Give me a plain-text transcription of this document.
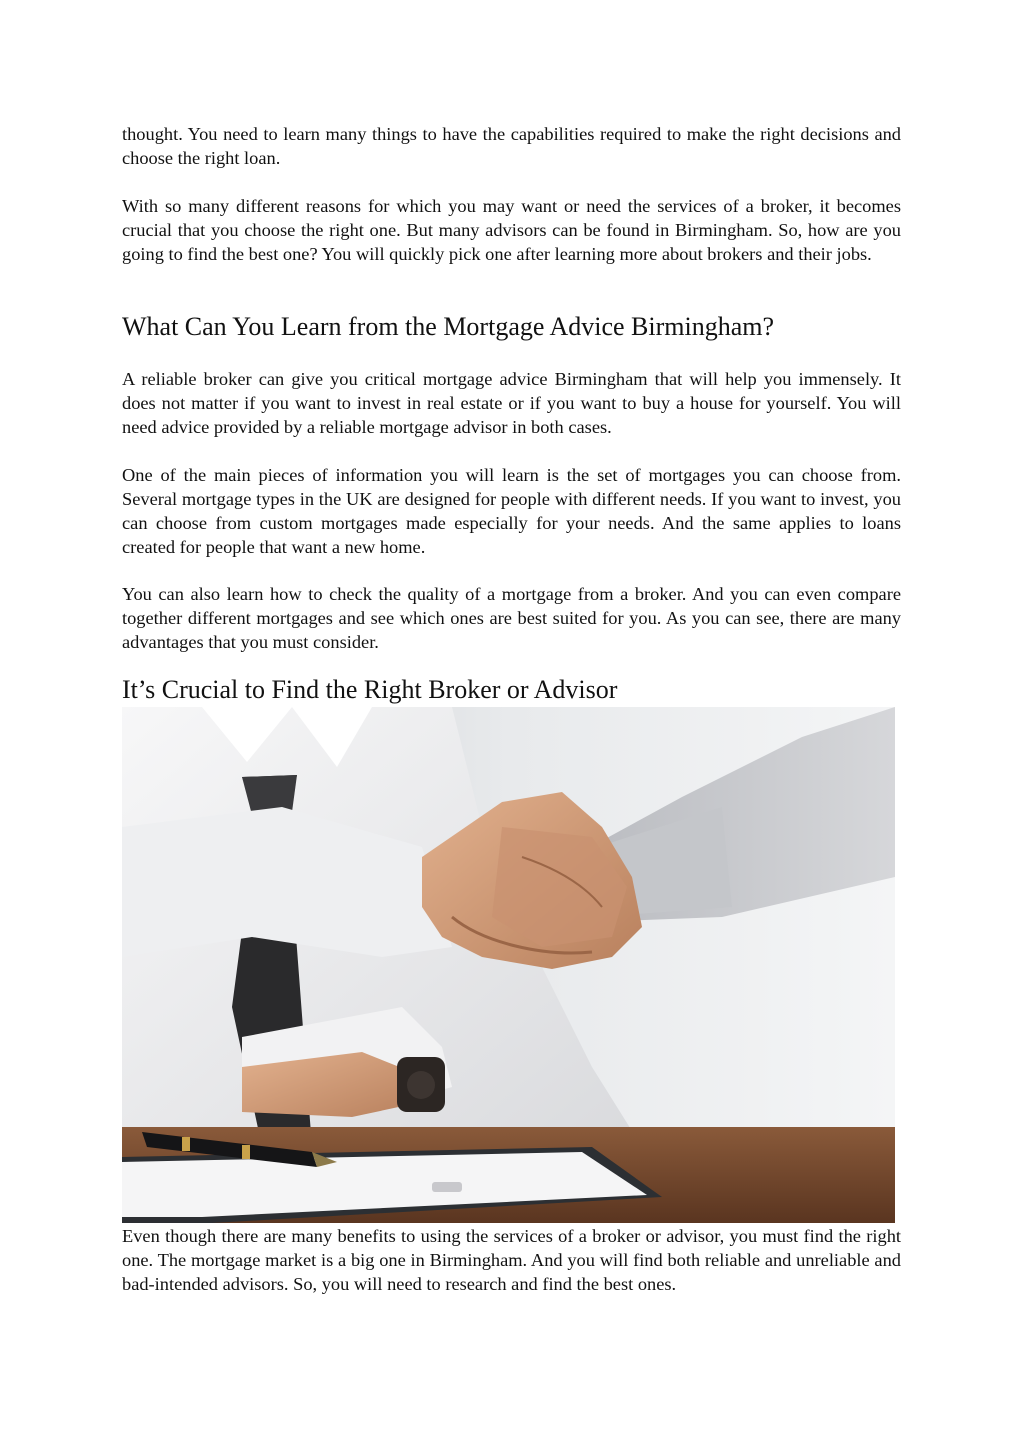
thought. You need to learn many things to have the capabilities required to make the right decisions and choose the right loan.

With so many different reasons for which you may want or need the services of a broker, it becomes crucial that you choose the right one. But many advisors can be found in Birmingham. So, how are you going to find the best one? You will quickly pick one after learning more about brokers and their jobs.

What Can You Learn from the Mortgage Advice Birmingham?

A reliable broker can give you critical mortgage advice Birmingham that will help you immensely. It does not matter if you want to invest in real estate or if you want to buy a house for yourself. You will need advice provided by a reliable mortgage advisor in both cases.

One of the main pieces of information you will learn is the set of mortgages you can choose from. Several mortgage types in the UK are designed for people with different needs. If you want to invest, you can choose from custom mortgages made especially for your needs. And the same applies to loans created for people that want a new home.

You can also learn how to check the quality of a mortgage from a broker. And you can even compare together different mortgages and see which ones are best suited for you. As you can see, there are many advantages that you must consider.

It’s Crucial to Find the Right Broker or Advisor

Even though there are many benefits to using the services of a broker or advisor, you must find the right one. The mortgage market is a big one in Birmingham. And you will find both reliable and unreliable and bad-intended advisors. So, you will need to research and find the best ones.
